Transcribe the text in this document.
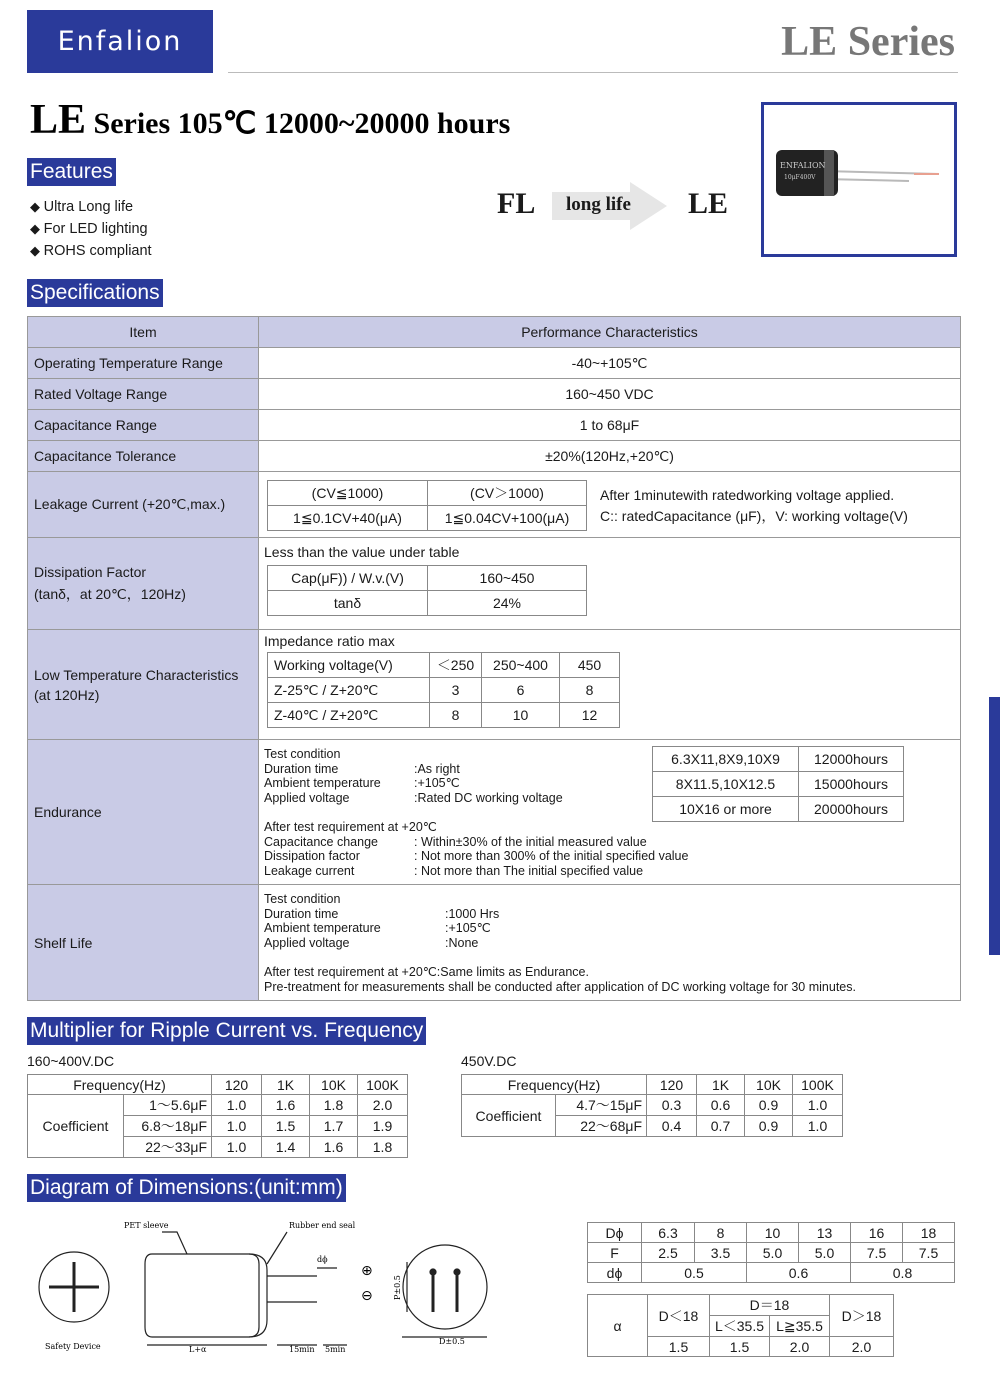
Enfalion	LE Series
LE Series 105℃ 12000~20000 hours
Features
◆ Ultra Long life
◆ For LED lighting
◆ ROHS compliant
FL long life LE
ENFALION
10μF400V
Specifications
Item	Performance Characteristics
Operating Temperature Range	-40~+105℃
Rated Voltage Range	160~450 VDC
Capacitance Range	1 to 68μF
Capacitance Tolerance	±20%(120Hz,+20℃)
Leakage Current (+20℃,max.)	
(CV≦1000)	(CV＞1000)
1≦0.1CV+40(μA)	1≦0.04CV+100(μA)
After 1minutewith ratedworking voltage applied.
C:: ratedCapacitance (μF)，V: working voltage(V)

Dissipation Factor
(tanδ，at 20℃，120Hz)

Less than the value under table
Cap(μF)) / W.v.(V)	160~450
tanδ	24%

Low Temperature Characteristics
(at 120Hz)

Impedance ratio max
Working voltage(V)	＜250	250~400	450
Z-25℃ / Z+20℃	3	6	8
Z-40℃ / Z+20℃	8	10	12

Endurance	
Test condition
Duration time	:As right
Ambient temperature	:+105℃
Applied voltage	:Rated DC working voltage
After test requirement at +20℃
Capacitance change	: Within±30% of the initial measured value
Dissipation factor	: Not more than 300% of the initial specified value
Leakage current	: Not more than The initial specified value
6.3X11,8X9,10X9	12000hours
8X11.5,10X12.5	15000hours
10X16 or more	20000hours

Shelf Life	
Test condition
Duration time	:1000 Hrs
Ambient temperature	:+105℃
Applied voltage	:None
After test requirement at +20℃:Same limits as Endurance.
Pre-treatment for measurements shall be conducted after application of DC working voltage for 30 minutes.
Multiplier for Ripple Current vs. Frequency
160~400V.DC	450V.DC
Frequency(Hz)		120	1K	10K	100K
Coefficient	1～5.6μF	1.0	1.6	1.8	2.0
	6.8～18μF	1.0	1.5	1.7	1.9
	22～33μF	1.0	1.4	1.6	1.8
Frequency(Hz)		120	1K	10K	100K
Coefficient	4.7～15μF	0.3	0.6	0.9	1.0
	22～68μF	0.4	0.7	0.9	1.0
Diagram of Dimensions:(unit:mm)
PET sleeve	Rubber end seal
dϕ
Safety Device	L+α	15min 5min
P±0.5
D±0.5
⊕
⊖
Dϕ	6.3	8	10	13	16	18
F	2.5	3.5	5.0	5.0	7.5	7.5
dϕ	0.5		0.6		0.8	
α	D＜18	D＝18		D＞18
		L＜35.5	L≧35.5	
	1.5	1.5	2.0	2.0
